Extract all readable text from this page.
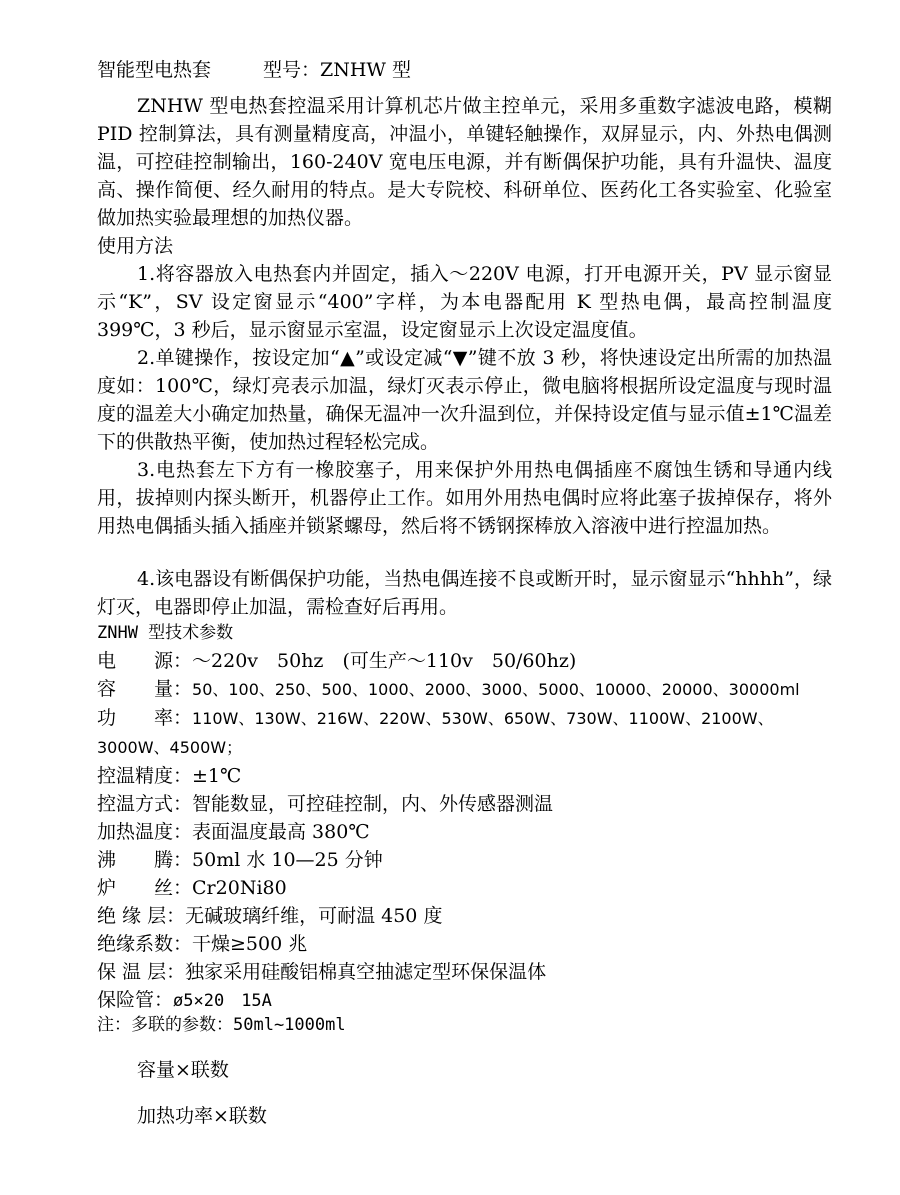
智能型电热套	型号：ZNHW 型

ZNHW 型电热套控温采用计算机芯片做主控单元，采用多重数字滤波电路，模糊 PID 控制算法，具有测量精度高，冲温小，单键轻触操作，双屏显示，内、外热电偶测温，可控硅控制输出，160-240V 宽电压电源，并有断偶保护功能，具有升温快、温度高、操作简便、经久耐用的特点。是大专院校、科研单位、医药化工各实验室、化验室做加热实验最理想的加热仪器。

使用方法

1.将容器放入电热套内并固定，插入～220V 电源，打开电源开关，PV 显示窗显示“K”，SV 设定窗显示“400”字样，为本电器配用 K 型热电偶，最高控制温度 399℃，3 秒后，显示窗显示室温，设定窗显示上次设定温度值。

2.单键操作，按设定加“▲”或设定减“▼”键不放 3 秒，将快速设定出所需的加热温度如：100℃，绿灯亮表示加温，绿灯灭表示停止，微电脑将根据所设定温度与现时温度的温差大小确定加热量，确保无温冲一次升温到位，并保持设定值与显示值±1℃温差下的供散热平衡，使加热过程轻松完成。

3.电热套左下方有一橡胶塞子，用来保护外用热电偶插座不腐蚀生锈和导通内线用，拔掉则内探头断开，机器停止工作。如用外用热电偶时应将此塞子拔掉保存，将外用热电偶插头插入插座并锁紧螺母，然后将不锈钢探棒放入溶液中进行控温加热。

4.该电器设有断偶保护功能，当热电偶连接不良或断开时，显示窗显示“hhhh”，绿灯灭，电器即停止加温，需检查好后再用。

ZNHW 型技术参数
电　　源：～220v　50hz　(可生产～110v　50/60hz)
容　　量：50、100、250、500、1000、2000、3000、5000、10000、20000、30000ml
功　　率：110W、130W、216W、220W、530W、650W、730W、1100W、2100W、
3000W、4500W；
控温精度：±1℃
控温方式：智能数显，可控硅控制，内、外传感器测温
加热温度：表面温度最高 380℃
沸　　腾：50ml 水 10—25 分钟
炉　　丝：Cr20Ni80
绝 缘 层：无碱玻璃纤维，可耐温 450 度
绝缘系数：干燥≥500 兆
保 温 层：独家采用硅酸铝棉真空抽滤定型环保保温体
保险管：ø5×20　15A
注：多联的参数：50ml~1000ml
容量×联数
加热功率×联数
